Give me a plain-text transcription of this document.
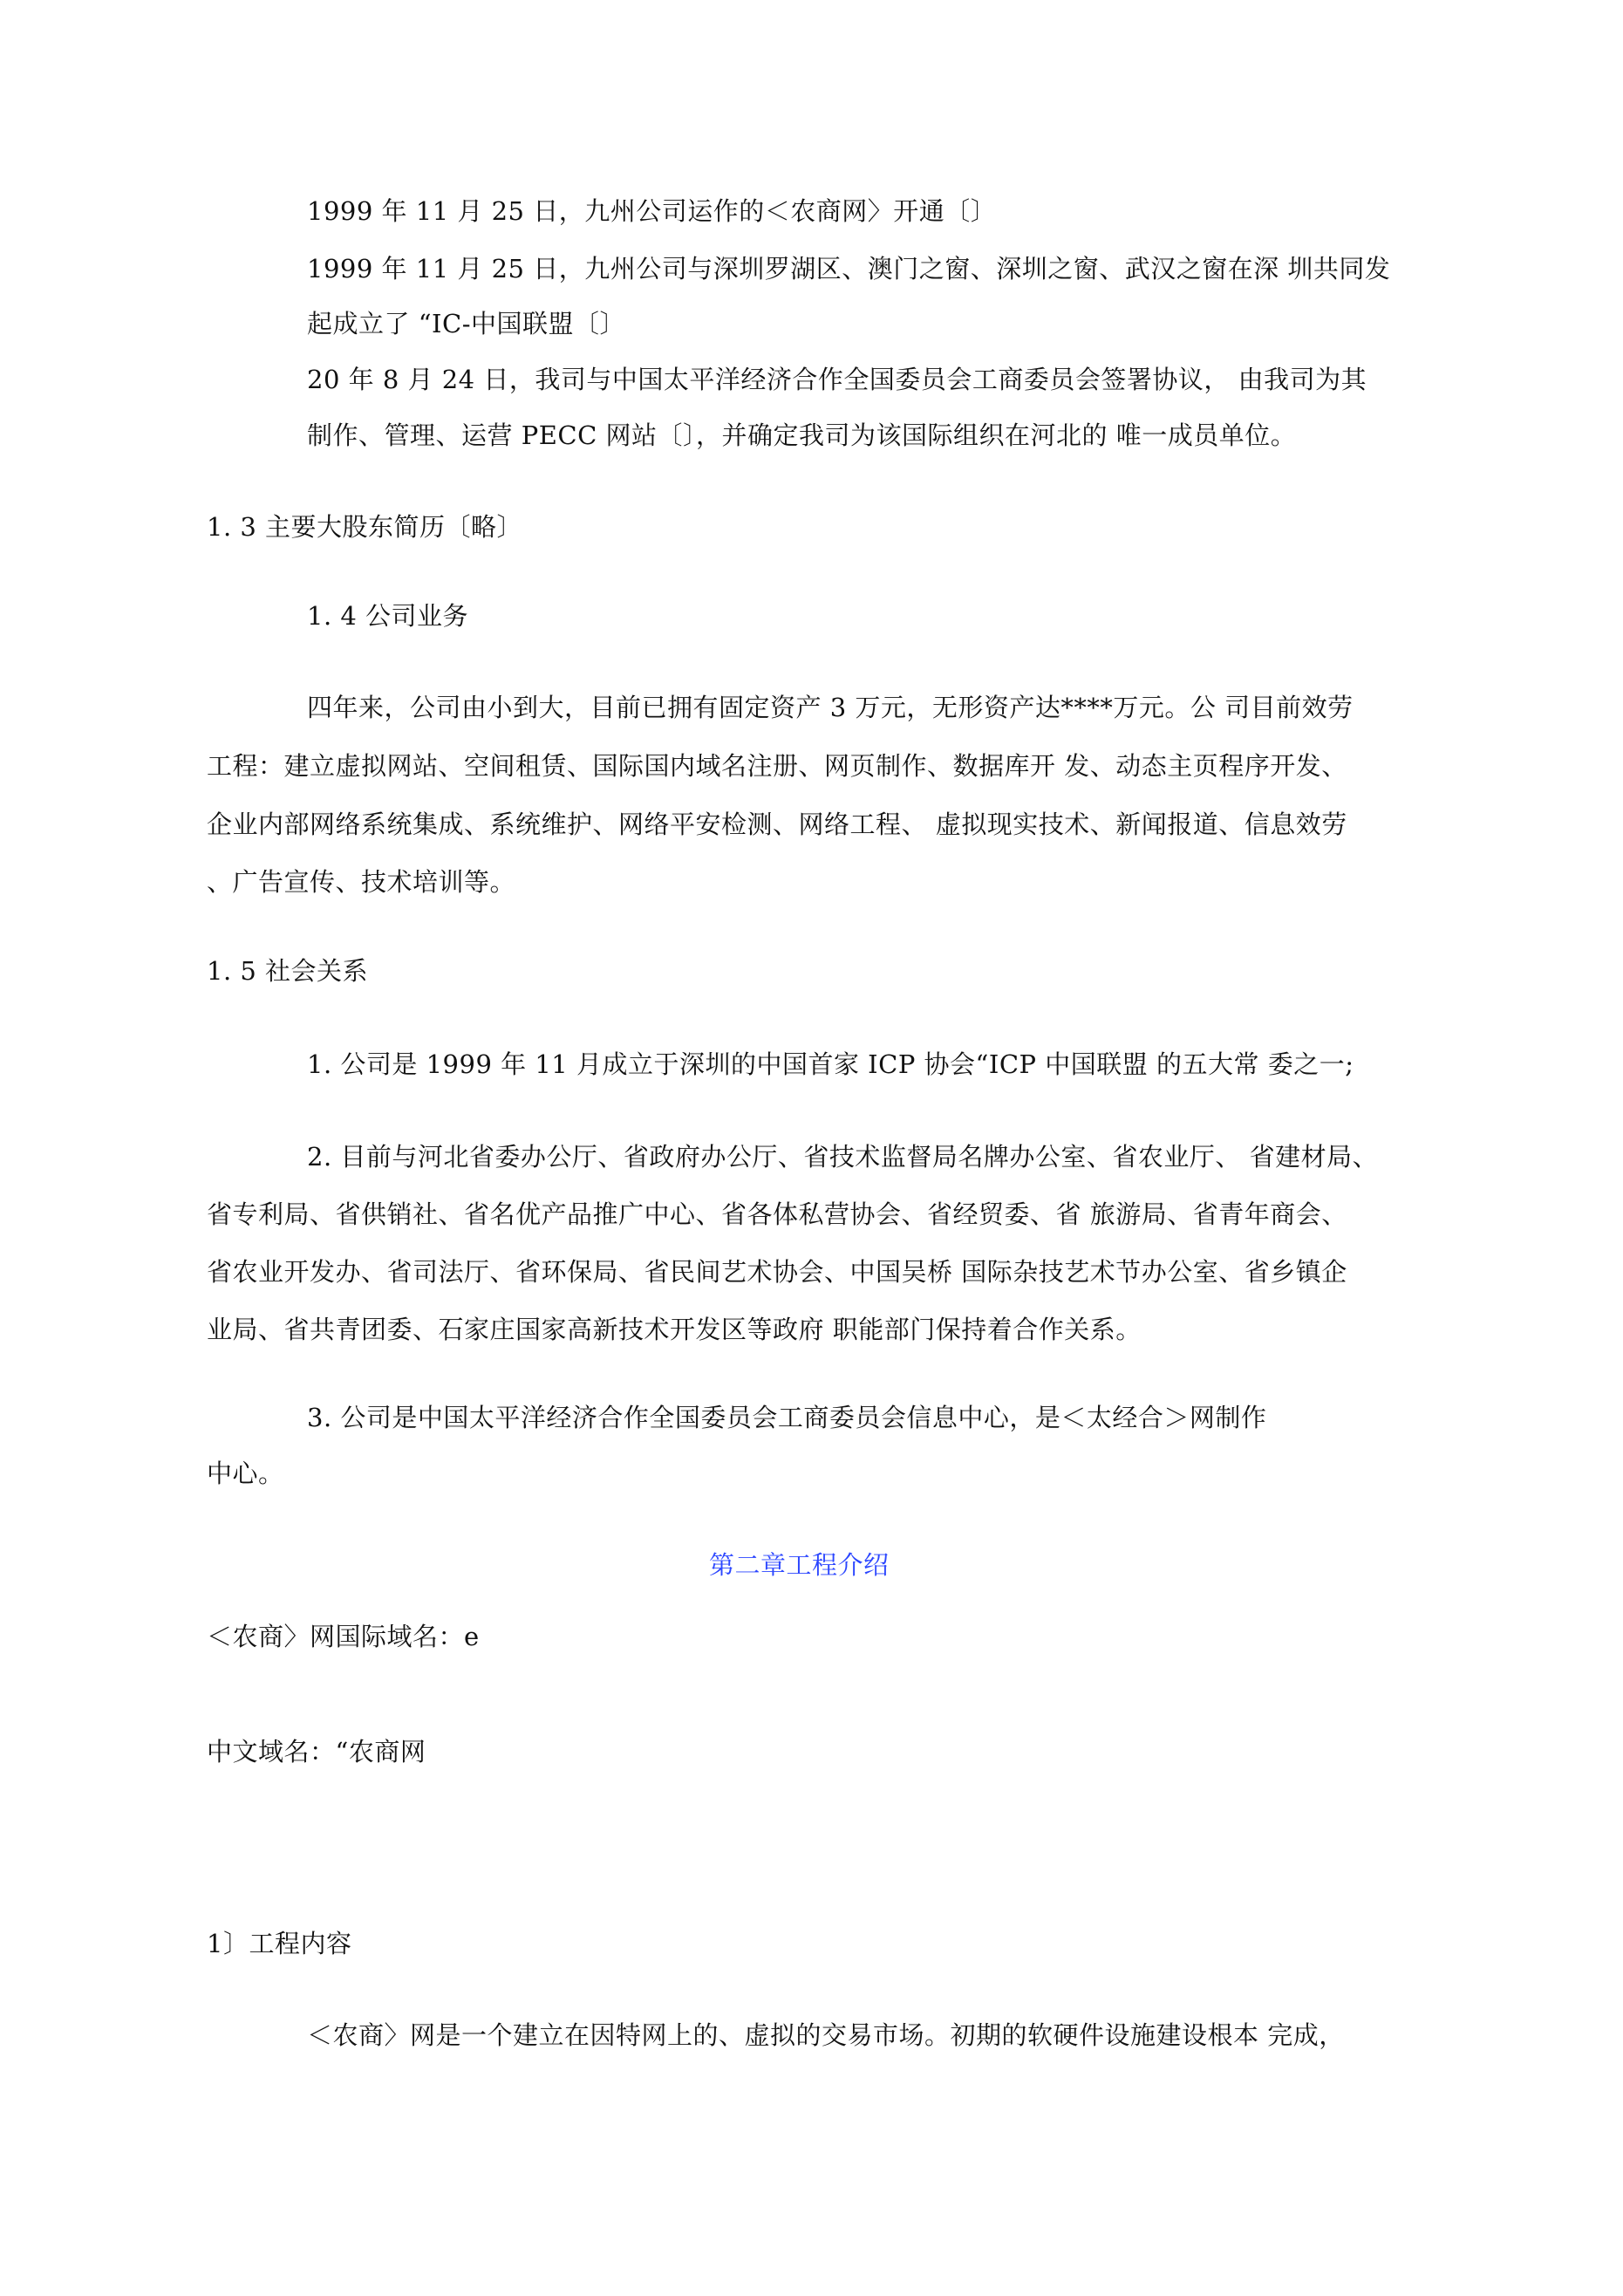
1999 年 11 月 25 日，九州公司运作的＜农商网〉开通〔〕
1999 年 11 月 25 日，九州公司与深圳罗湖区、澳门之窗、深圳之窗、武汉之窗在深 圳共同发
起成立了 “IC-中国联盟〔〕
20 年 8 月 24 日，我司与中国太平洋经济合作全国委员会工商委员会签署协议， 由我司为其
制作、管理、运营 PECC 网站〔〕，并确定我司为该国际组织在河北的 唯一成员单位。
1. 3 主要大股东简历〔略〕
1. 4 公司业务
四年来，公司由小到大，目前已拥有固定资产 3 万元，无形资产达****万元。公 司目前效劳
工程：建立虚拟网站、空间租赁、国际国内域名注册、网页制作、数据库开 发、动态主页程序开发、
企业内部网络系统集成、系统维护、网络平安检测、网络工程、 虚拟现实技术、新闻报道、信息效劳
、广告宣传、技术培训等。
1. 5 社会关系
1. 公司是 1999 年 11 月成立于深圳的中国首家 ICP 协会“ICP 中国联盟 的五大常 委之一;
2. 目前与河北省委办公厅、省政府办公厅、省技术监督局名牌办公室、省农业厅、 省建材局、
省专利局、省供销社、省名优产品推广中心、省各体私营协会、省经贸委、省 旅游局、省青年商会、
省农业开发办、省司法厅、省环保局、省民间艺术协会、中国吴桥 国际杂技艺术节办公室、省乡镇企
业局、省共青团委、石家庄国家高新技术开发区等政府 职能部门保持着合作关系。
3. 公司是中国太平洋经济合作全国委员会工商委员会信息中心，是＜太经合＞网制作
中心。
第二章工程介绍
＜农商〉网国际域名：e
中文域名：“农商网
1〕工程内容
＜农商〉网是一个建立在因特网上的、虚拟的交易市场。初期的软硬件设施建设根本 完成，
